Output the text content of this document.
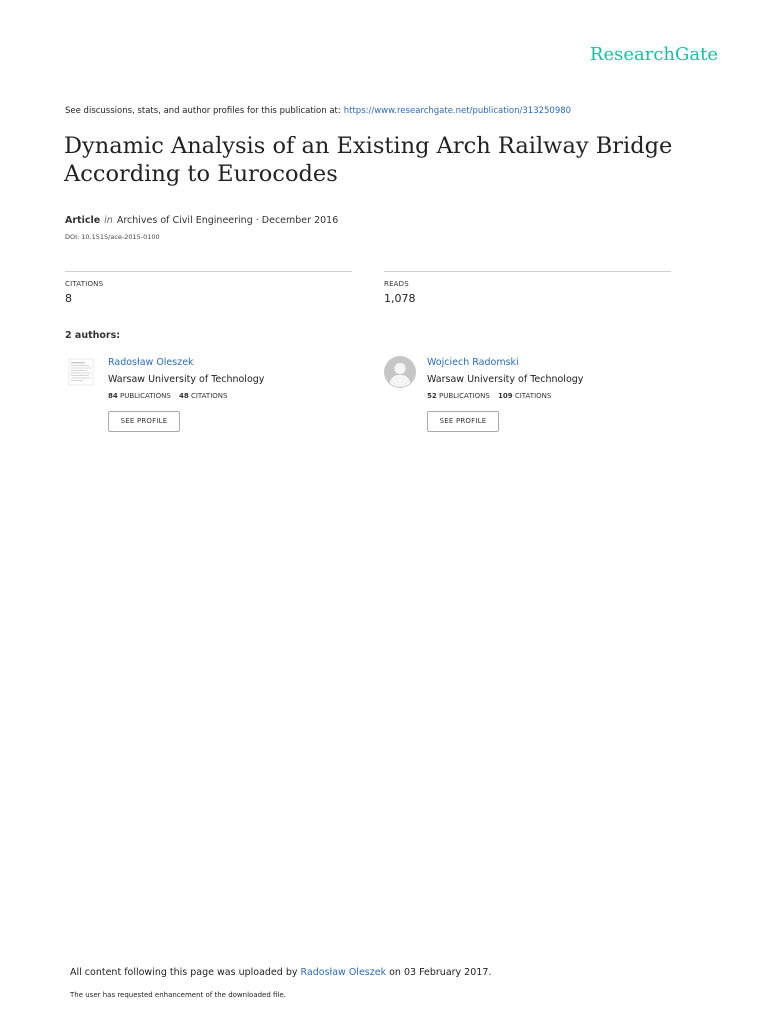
ResearchGate
See discussions, stats, and author profiles for this publication at: https://www.researchgate.net/publication/313250980
Dynamic Analysis of an Existing Arch Railway Bridge According to Eurocodes
Article in Archives of Civil Engineering · December 2016
DOI: 10.1515/ace-2015-0100
CITATIONS
8
READS
1,078
2 authors:
Radosław Oleszek
Warsaw University of Technology
84 PUBLICATIONS 48 CITATIONS
SEE PROFILE
Wojciech Radomski
Warsaw University of Technology
52 PUBLICATIONS 109 CITATIONS
SEE PROFILE
All content following this page was uploaded by Radosław Oleszek on 03 February 2017.
The user has requested enhancement of the downloaded file.
